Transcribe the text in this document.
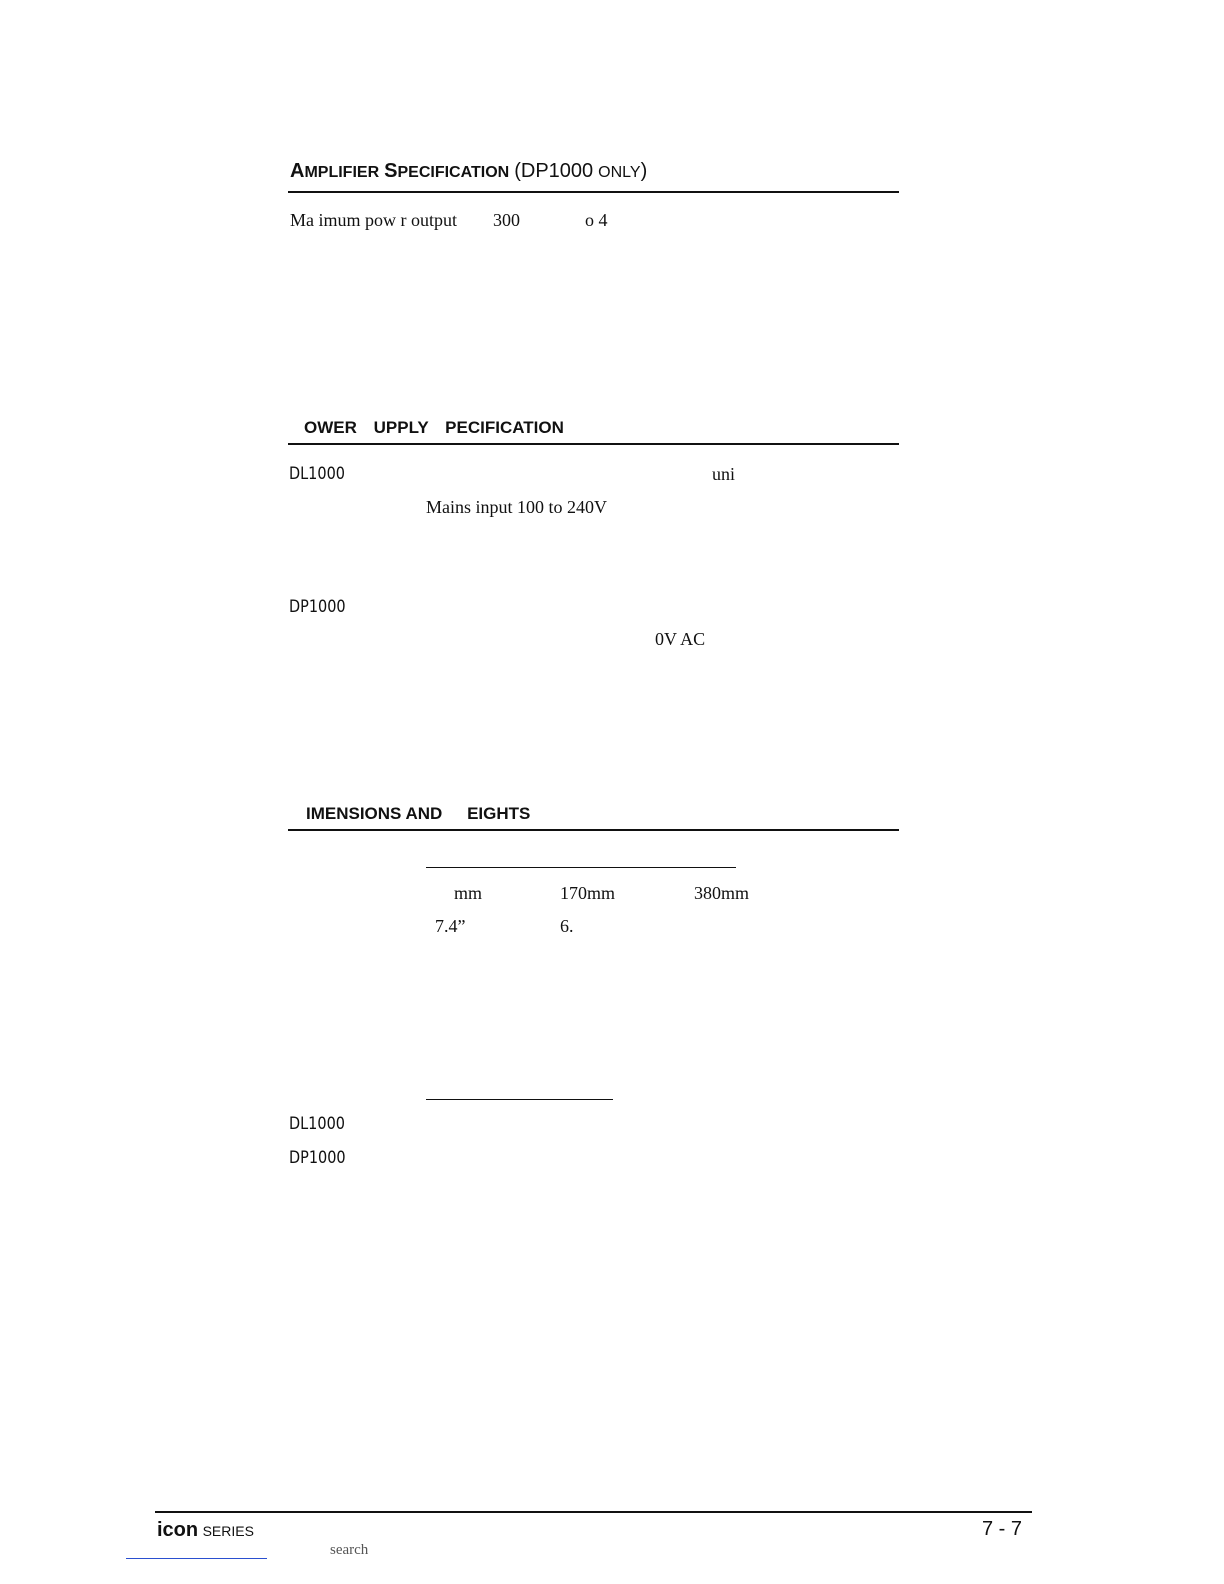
AMPLIFIER SPECIFICATION (DP1000 ONLY)
Ma imum pow r output 300	o 4
OWER UPPLY PECIFICATION
DL1000	uni
Mains input 100 to 240V
DP1000
0V AC
IMENSIONS AND EIGHTS
mm	170mm	380mm
7.4”	6.
DL1000
DP1000
icon SERIES	7 - 7
search
